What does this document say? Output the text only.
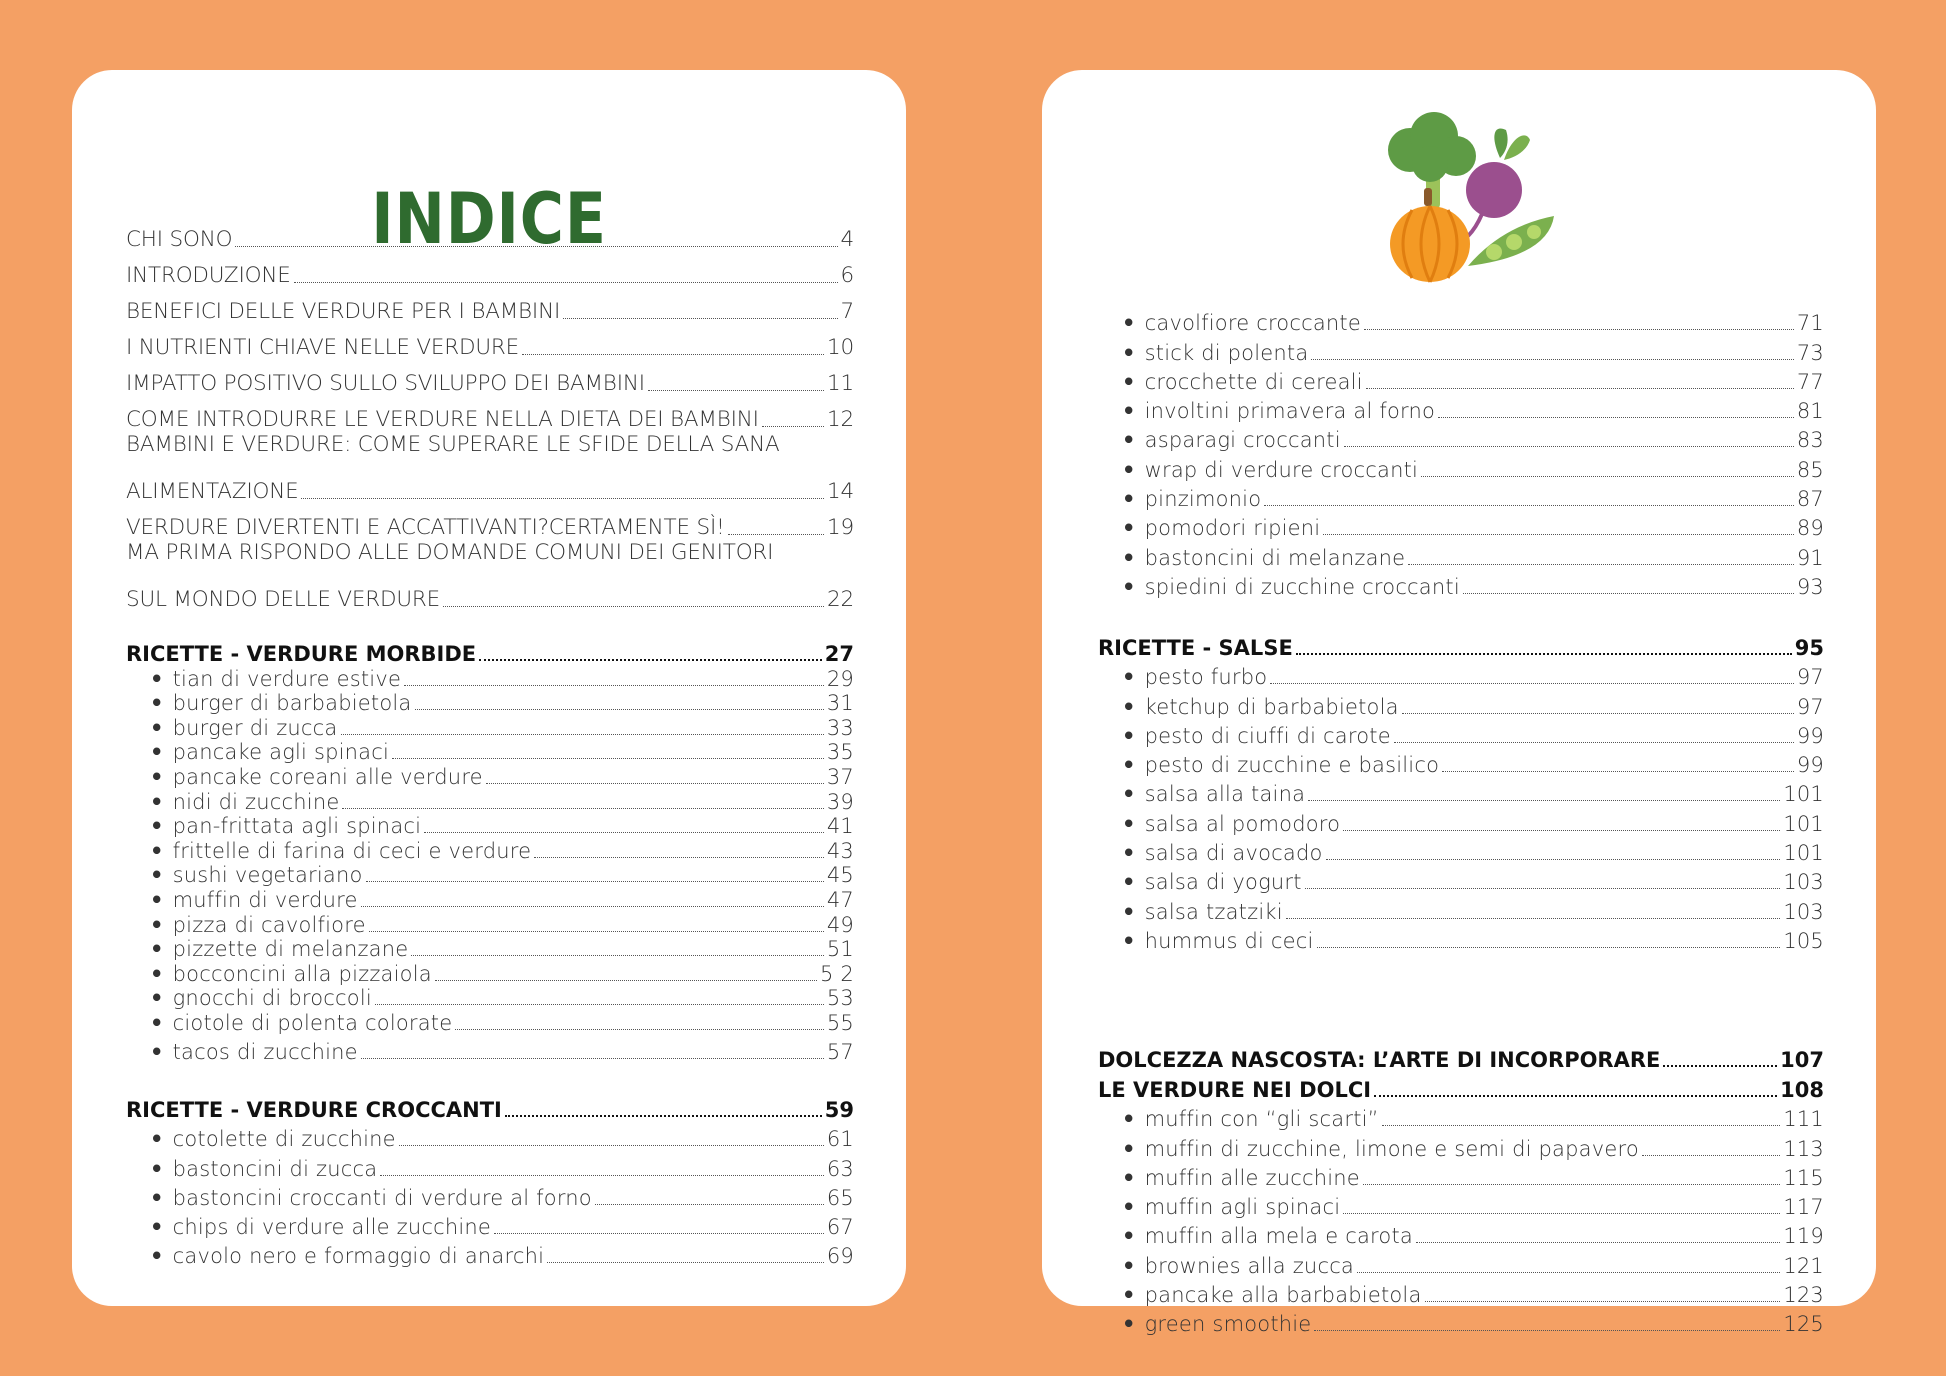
INDICE
CHI SONO	4
INTRODUZIONE	6
BENEFICI DELLE VERDURE PER I BAMBINI	7
I NUTRIENTI CHIAVE NELLE VERDURE	10
IMPATTO POSITIVO SULLO SVILUPPO DEI BAMBINI	11
COME INTRODURRE LE VERDURE NELLA DIETA DEI BAMBINI	12
BAMBINI E VERDURE: COME SUPERARE LE SFIDE DELLA SANA
ALIMENTAZIONE	14
VERDURE DIVERTENTI E ACCATTIVANTI?CERTAMENTE SÌ!	19
MA PRIMA RISPONDO ALLE DOMANDE COMUNI DEI GENITORI
SUL MONDO DELLE VERDURE	22
RICETTE - VERDURE MORBIDE	27
• tian di verdure estive	29
• burger di barbabietola	31
• burger di zucca	33
• pancake agli spinaci	35
• pancake coreani alle verdure	37
• nidi di zucchine	39
• pan-frittata agli spinaci	41
• frittelle di farina di ceci e verdure	43
• sushi vegetariano	45
• muffin di verdure	47
• pizza di cavolfiore	49
• pizzette di melanzane	51
• bocconcini alla pizzaiola	5 2
• gnocchi di broccoli	53
• ciotole di polenta colorate	55
• tacos di zucchine	57
RICETTE - VERDURE CROCCANTI	59
• cotolette di zucchine	61
• bastoncini di zucca	63
• bastoncini croccanti di verdure al forno	65
• chips di verdure alle zucchine	67
• cavolo nero e formaggio di anarchi	69
• cavolfiore croccante	71
• stick di polenta	73
• crocchette di cereali	77
• involtini primavera al forno	81
• asparagi croccanti	83
• wrap di verdure croccanti	85
• pinzimonio	87
• pomodori ripieni	89
• bastoncini di melanzane	91
• spiedini di zucchine croccanti	93
RICETTE - SALSE	95
• pesto furbo	97
• ketchup di barbabietola	97
• pesto di ciuffi di carote	99
• pesto di zucchine e basilico	99
• salsa alla taina	101
• salsa al pomodoro	101
• salsa di avocado	101
• salsa di yogurt	103
• salsa tzatziki	103
• hummus di ceci	105
DOLCEZZA NASCOSTA: L’ARTE DI INCORPORARE	107
LE VERDURE NEI DOLCI	108
• muffin con “gli scarti”	111
• muffin di zucchine, limone e semi di papavero	113
• muffin alle zucchine	115
• muffin agli spinaci	117
• muffin alla mela e carota	119
• brownies alla zucca	121
• pancake alla barbabietola	123
• green smoothie	125
